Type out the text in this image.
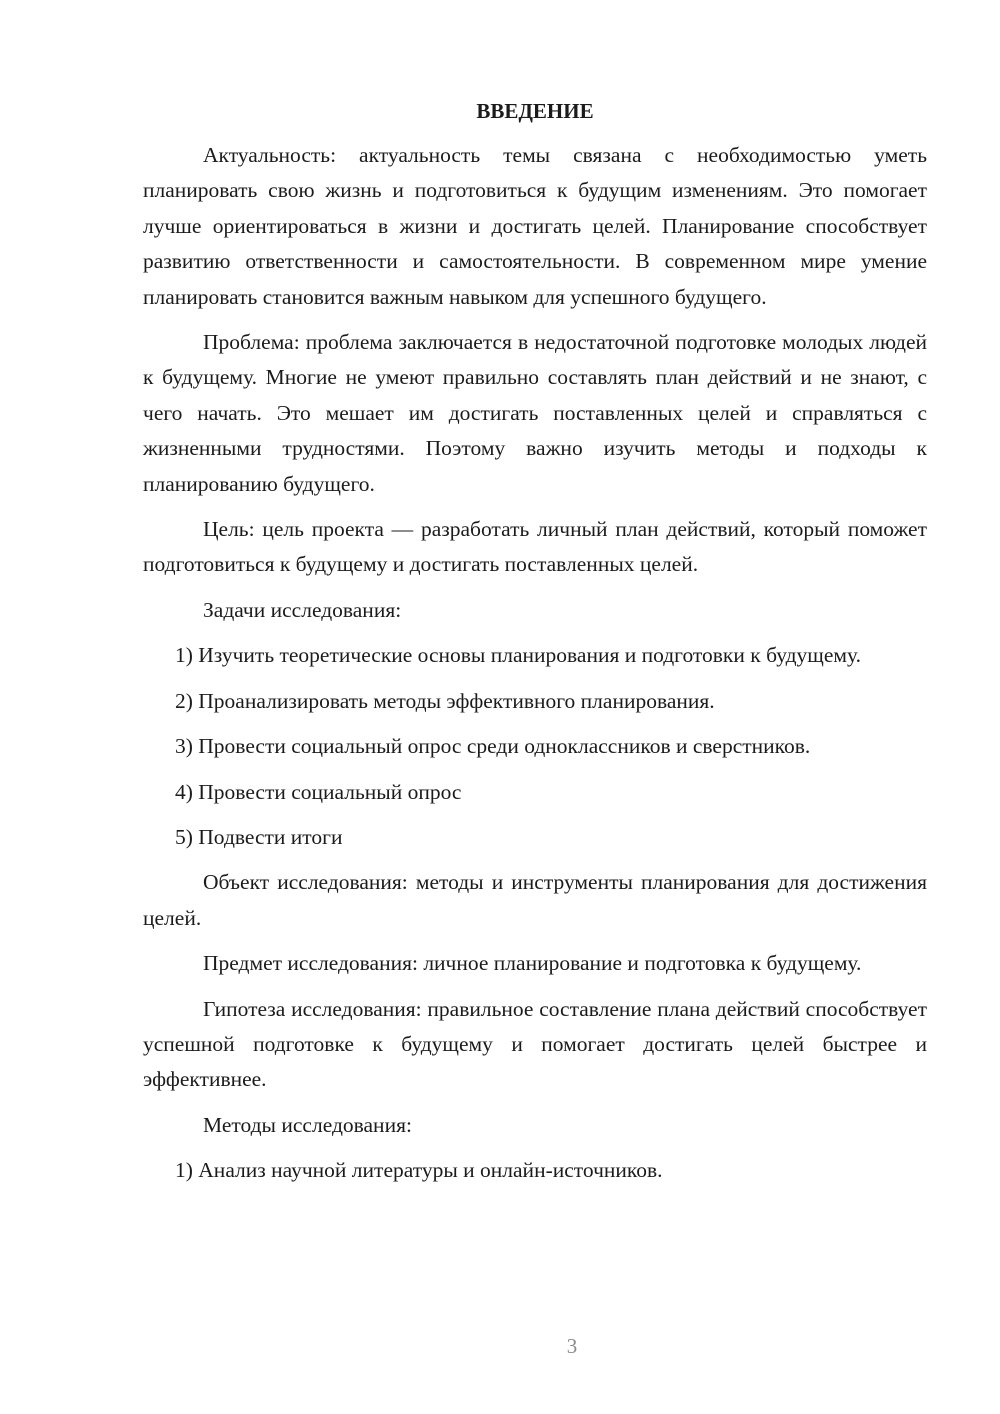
ВВЕДЕНИЕ

Актуальность: актуальность темы связана с необходимостью уметь планировать свою жизнь и подготовиться к будущим изменениям. Это помогает лучше ориентироваться в жизни и достигать целей. Планирование способствует развитию ответственности и самостоятельности. В современном мире умение планировать становится важным навыком для успешного будущего.

Проблема: проблема заключается в недостаточной подготовке молодых людей к будущему. Многие не умеют правильно составлять план действий и не знают, с чего начать. Это мешает им достигать поставленных целей и справляться с жизненными трудностями. Поэтому важно изучить методы и подходы к планированию будущего.

Цель: цель проекта — разработать личный план действий, который поможет подготовиться к будущему и достигать поставленных целей.

Задачи исследования:

1) Изучить теоретические основы планирования и подготовки к будущему.

2) Проанализировать методы эффективного планирования.

3) Провести социальный опрос среди одноклассников и сверстников.

4) Провести социальный опрос

5) Подвести итоги

Объект исследования: методы и инструменты планирования для достижения целей.

Предмет исследования: личное планирование и подготовка к будущему.

Гипотеза исследования: правильное составление плана действий способствует успешной подготовке к будущему и помогает достигать целей быстрее и эффективнее.

Методы исследования:

1) Анализ научной литературы и онлайн-источников.

3
